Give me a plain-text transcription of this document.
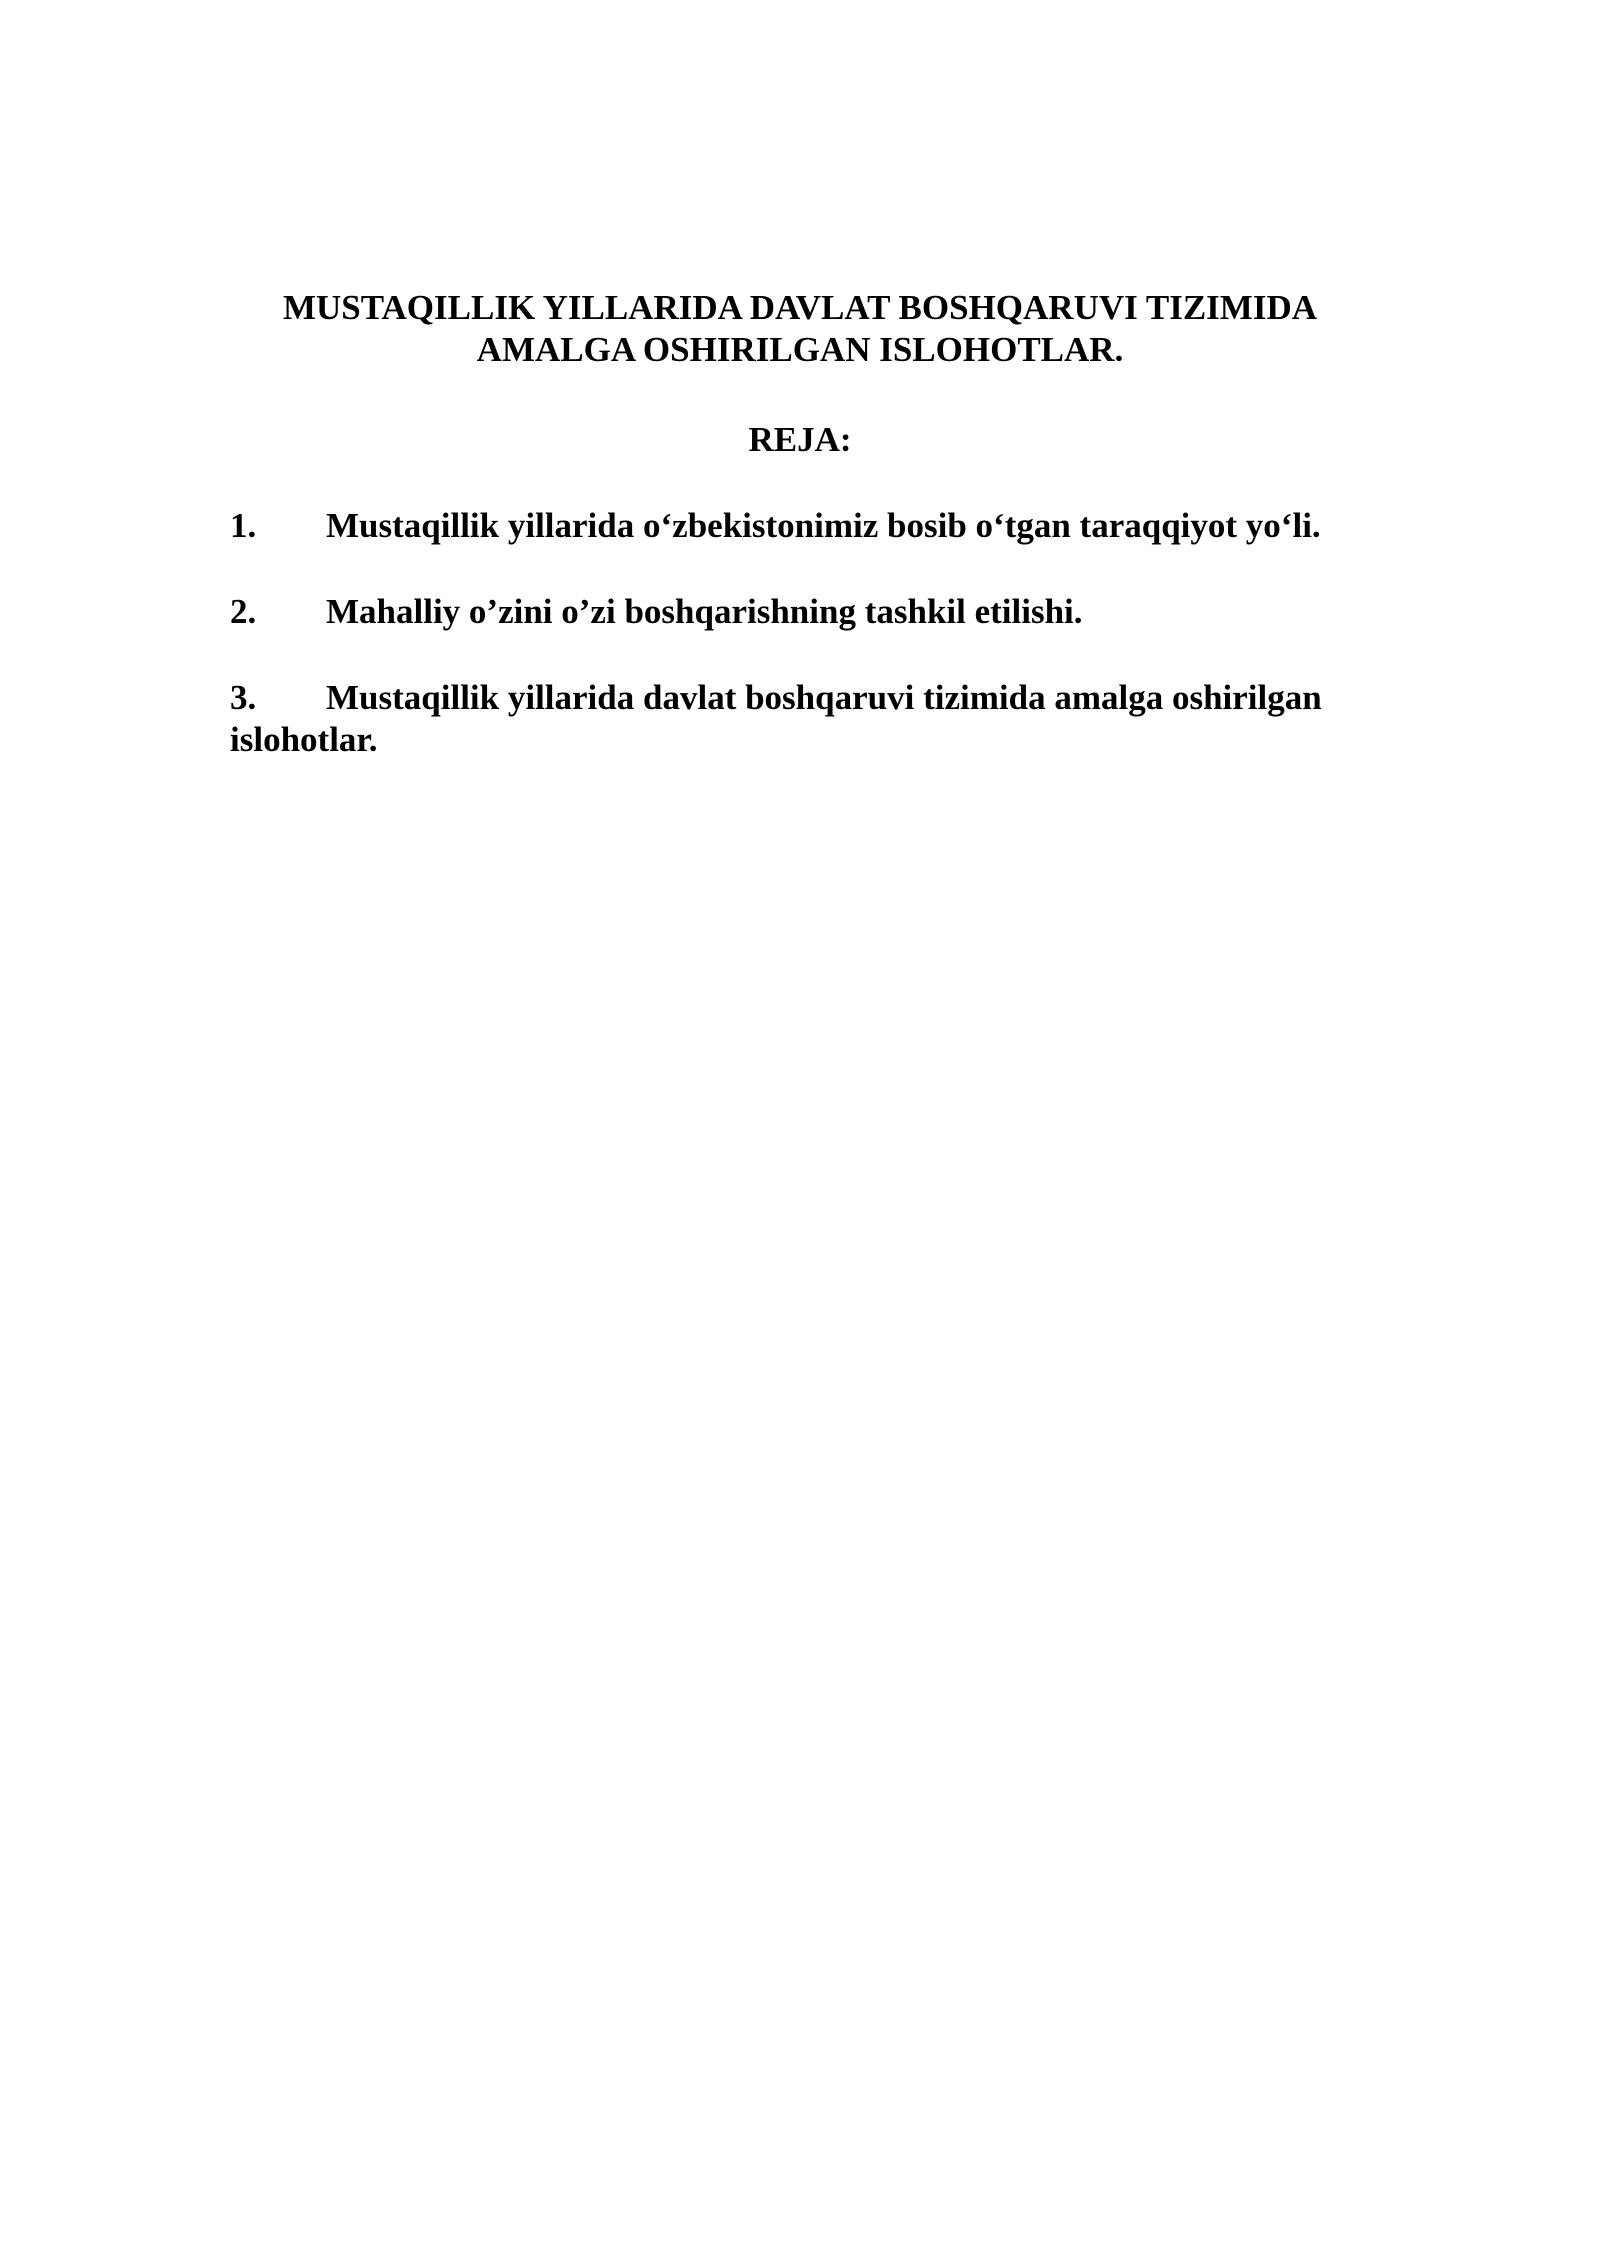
MUSTAQILLIK YILLARIDA DAVLAT BOSHQARUVI TIZIMIDA
AMALGA OSHIRILGAN ISLOHOTLAR.
REJA:

1. Mustaqillik yillarida o‘zbekistonimiz bosib o‘tgan taraqqiyot yo‘li.

2. Mahalliy o’zini o’zi boshqarishning tashkil etilishi.

3. Mustaqillik yillarida davlat boshqaruvi tizimida amalga oshirilgan islohotlar.
